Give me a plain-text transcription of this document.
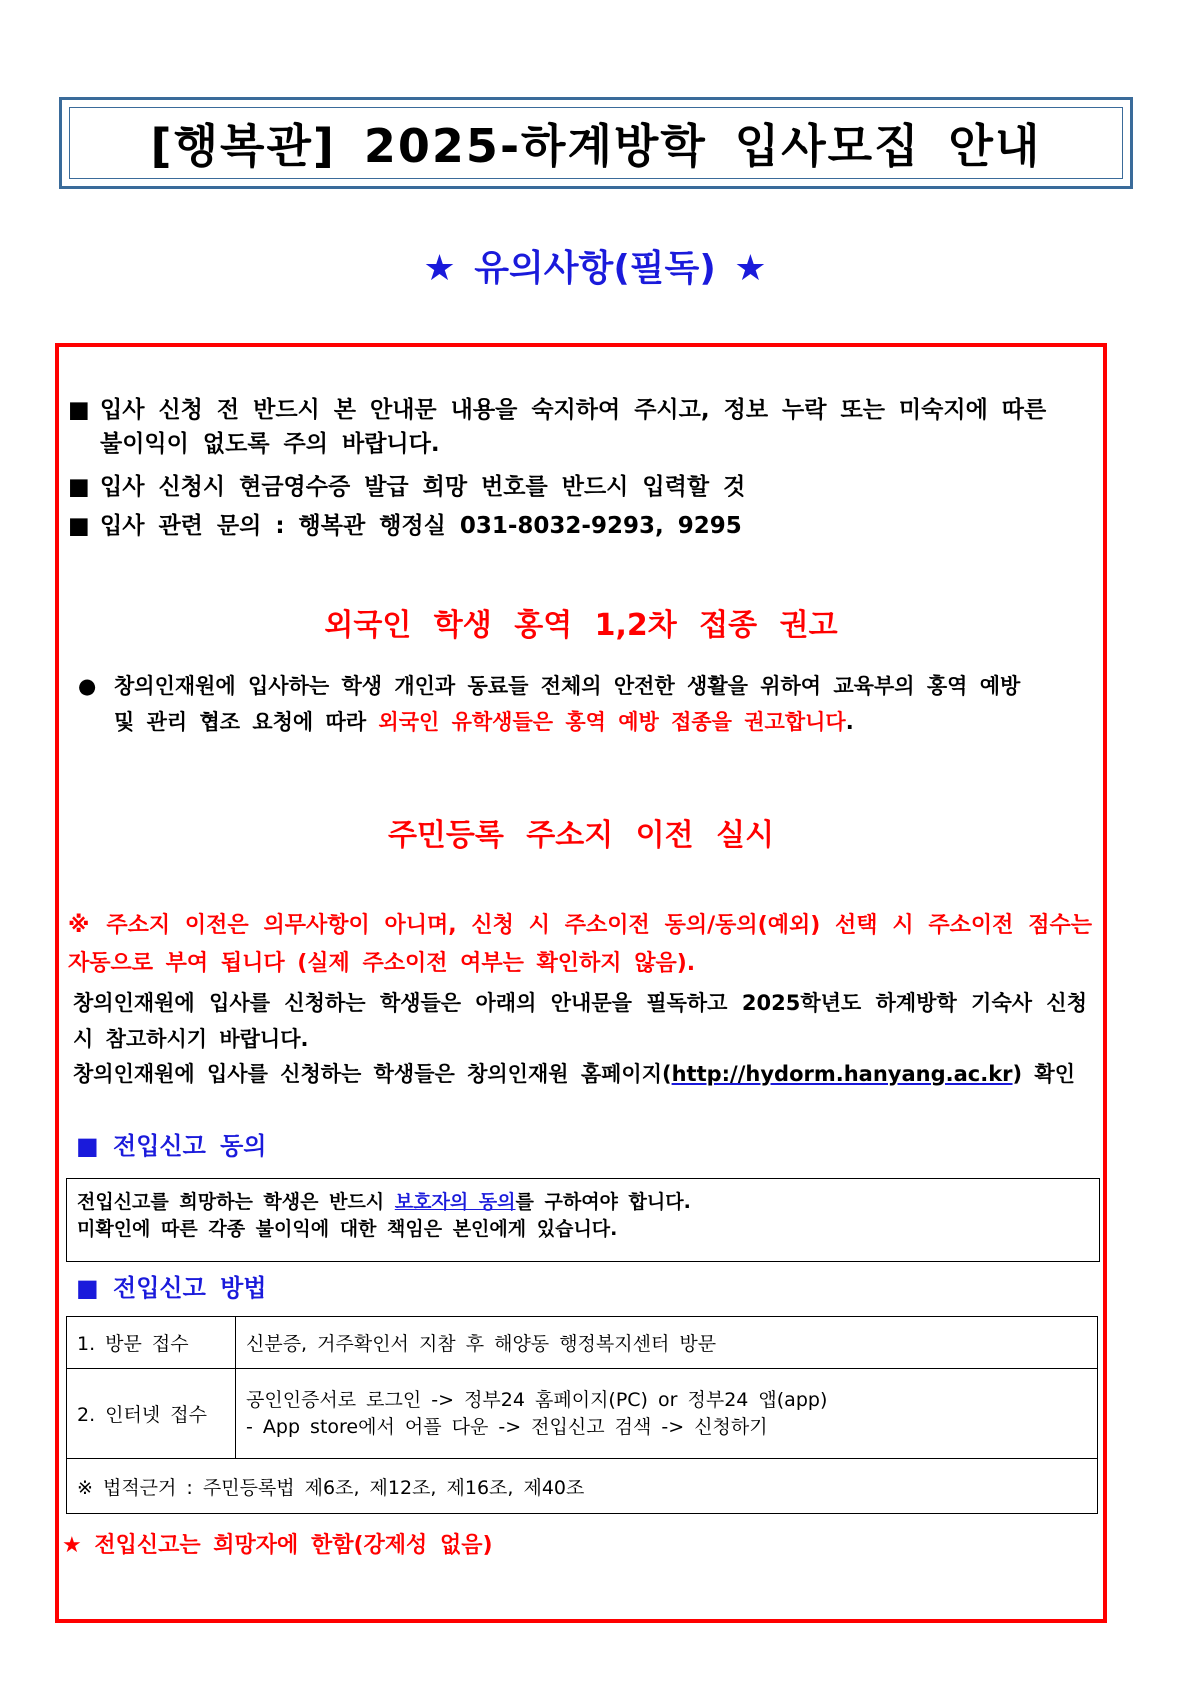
[행복관] 2025-하계방학 입사모집 안내
★ 유의사항(필독) ★
■ 입사 신청 전 반드시 본 안내문 내용을 숙지하여 주시고, 정보 누락 또는 미숙지에 따른
불이익이 없도록 주의 바랍니다.
■ 입사 신청시 현금영수증 발급 희망 번호를 반드시 입력할 것
■ 입사 관련 문의 : 행복관 행정실 031-8032-9293, 9295
외국인 학생 홍역 1,2차 접종 권고
● 창의인재원에 입사하는 학생 개인과 동료들 전체의 안전한 생활을 위하여 교육부의 홍역 예방
및 관리 협조 요청에 따라 외국인 유학생들은 홍역 예방 접종을 권고합니다.
주민등록 주소지 이전 실시
※ 주소지 이전은 의무사항이 아니며, 신청 시 주소이전 동의/동의(예외) 선택 시 주소이전 점수는 자동으로 부여 됩니다 (실제 주소이전 여부는 확인하지 않음).
창의인재원에 입사를 신청하는 학생들은 아래의 안내문을 필독하고 2025학년도 하계방학 기숙사 신청 시 참고하시기 바랍니다.
창의인재원에 입사를 신청하는 학생들은 창의인재원 홈페이지(http://hydorm.hanyang.ac.kr) 확인
■ 전입신고 동의
전입신고를 희망하는 학생은 반드시 보호자의 동의를 구하여야 합니다.
미확인에 따른 각종 불이익에 대한 책임은 본인에게 있습니다.
■ 전입신고 방법
1. 방문 접수	신분증, 거주확인서 지참 후 해양동 행정복지센터 방문
2. 인터넷 접수	공인인증서로 로그인 -> 정부24 홈페이지(PC) or 정부24 앱(app)
- App store에서 어플 다운 -> 전입신고 검색 -> 신청하기
※ 법적근거 : 주민등록법 제6조, 제12조, 제16조, 제40조	
★ 전입신고는 희망자에 한함(강제성 없음)
